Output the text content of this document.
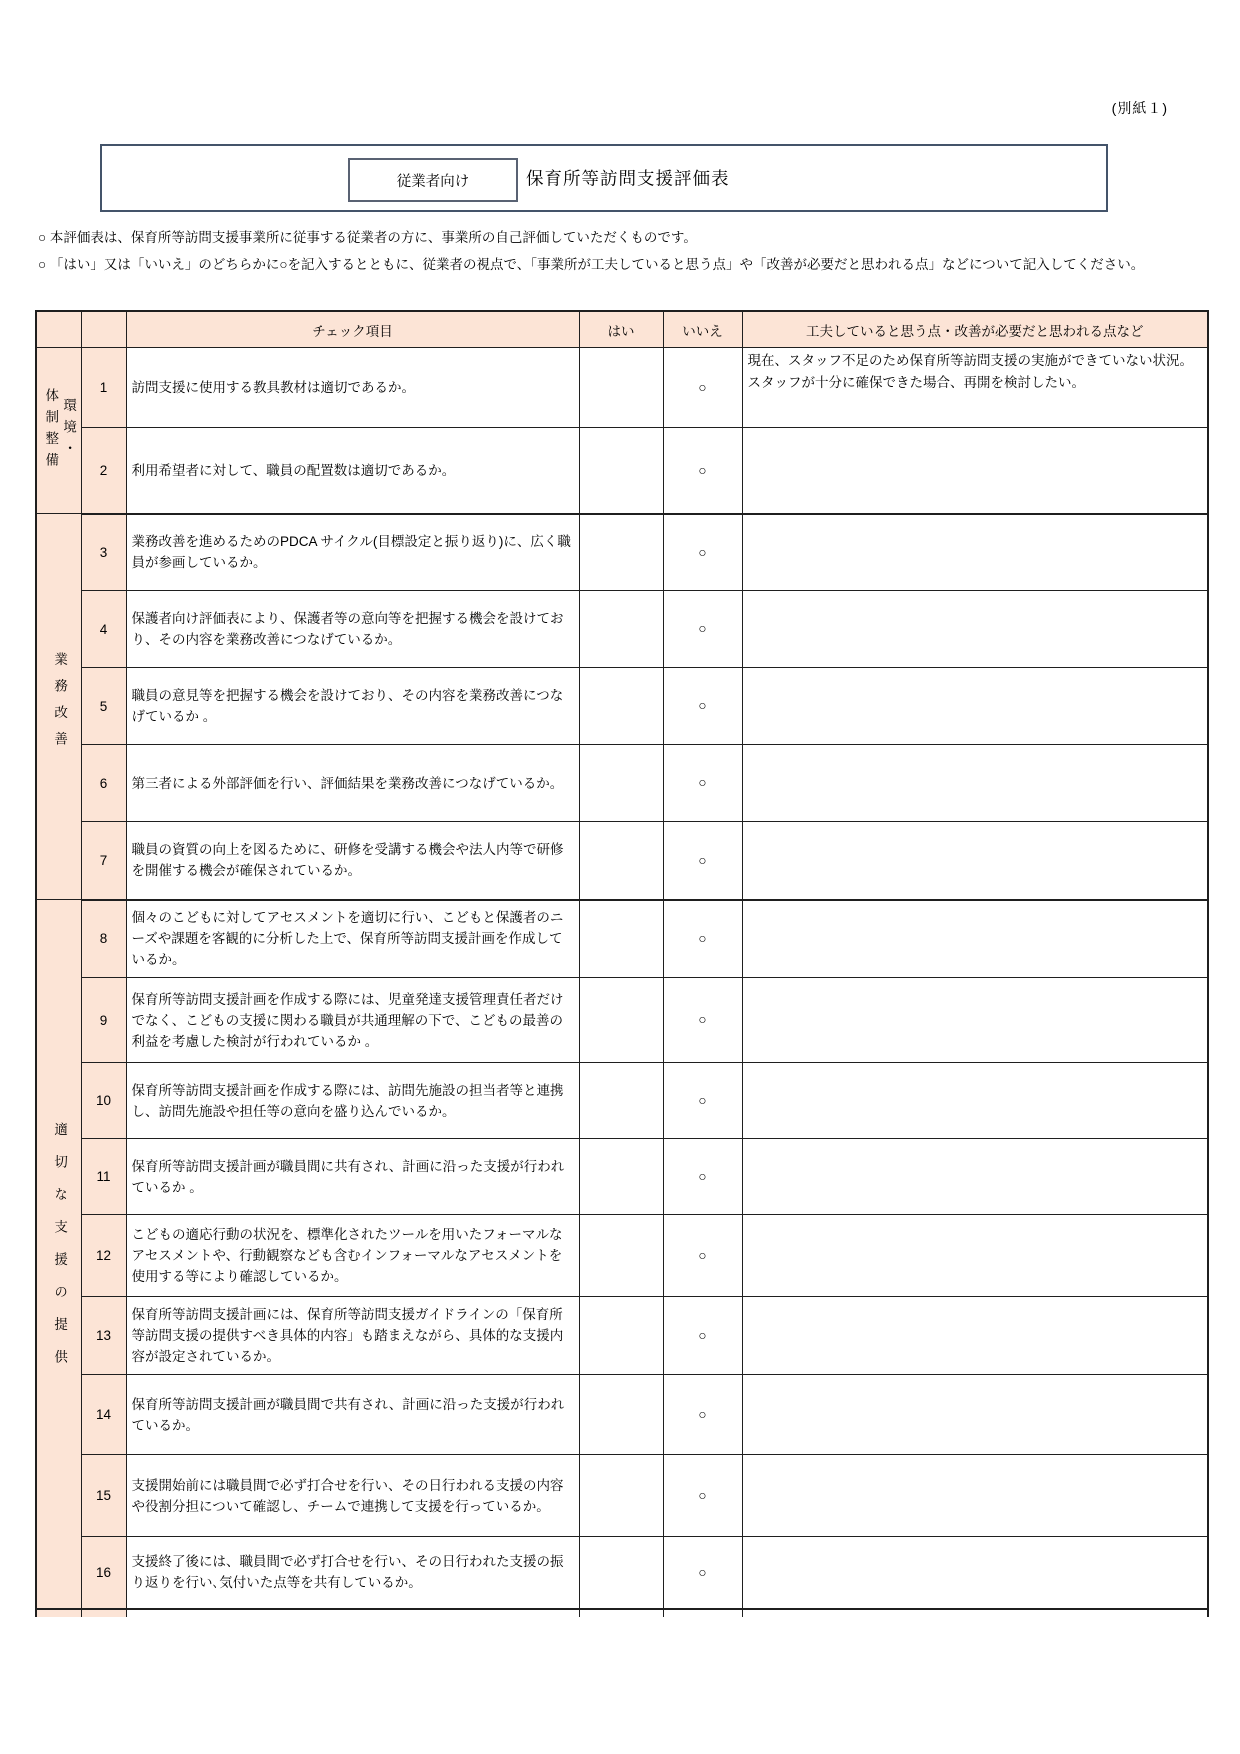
(別紙１)
従業者向け	保育所等訪問支援評価表

○ 本評価表は、保育所等訪問支援事業所に従事する従業者の方に、事業所の自己評価していただくものです。

○ 「はい」又は「いいえ」のどちらかに○を記入するとともに、従業者の視点で、「事業所が工夫していると思う点」や「改善が必要だと思われる点」などについて記入してください。

		チェック項目	はい	いいえ	工夫していると思う点・改善が必要だと思われる点など

体制整備 環境・	1	訪問支援に使用する教具教材は適切であるか。		○	現在、スタッフ不足のため保育所等訪問支援の実施ができていない状況。スタッフが十分に確保できた場合、再開を検討したい。
	2	利用希望者に対して、職員の配置数は適切であるか。		○	
業務改善	3	業務改善を進めるためのPDCA サイクル(目標設定と振り返り)に、広く職員が参画しているか。		○	
	4	保護者向け評価表により、保護者等の意向等を把握する機会を設けており、その内容を業務改善につなげているか。		○	
	5	職員の意見等を把握する機会を設けており、その内容を業務改善につなげているか 。		○	
	6	第三者による外部評価を行い、評価結果を業務改善につなげているか。		○	
	7	職員の資質の向上を図るために、研修を受講する機会や法人内等で研修を開催する機会が確保されているか。		○	
適切な支援の提供	8	個々のこどもに対してアセスメントを適切に行い、こどもと保護者のニーズや課題を客観的に分析した上で、保育所等訪問支援計画を作成しているか。		○	
	9	保育所等訪問支援計画を作成する際には、児童発達支援管理責任者だけでなく、こどもの支援に関わる職員が共通理解の下で、こどもの最善の利益を考慮した検討が行われているか 。		○	
	10	保育所等訪問支援計画を作成する際には、訪問先施設の担当者等と連携し、訪問先施設や担任等の意向を盛り込んでいるか。		○	
	11	保育所等訪問支援計画が職員間に共有され、計画に沿った支援が行われているか 。		○	
	12	こどもの適応行動の状況を、標準化されたツールを用いたフォーマルなアセスメントや、行動観察なども含むインフォーマルなアセスメントを使用する等により確認しているか。		○	
	13	保育所等訪問支援計画には、保育所等訪問支援ガイドラインの「保育所等訪問支援の提供すべき具体的内容」も踏まえながら、具体的な支援内容が設定されているか。		○	
	14	保育所等訪問支援計画が職員間で共有され、計画に沿った支援が行われているか。		○	
	15	支援開始前には職員間で必ず打合せを行い、その日行われる支援の内容や役割分担について確認し、チームで連携して支援を行っているか。		○	
	16	支援終了後には、職員間で必ず打合せを行い、その日行われた支援の振り返りを行い､気付いた点等を共有しているか。		○	
